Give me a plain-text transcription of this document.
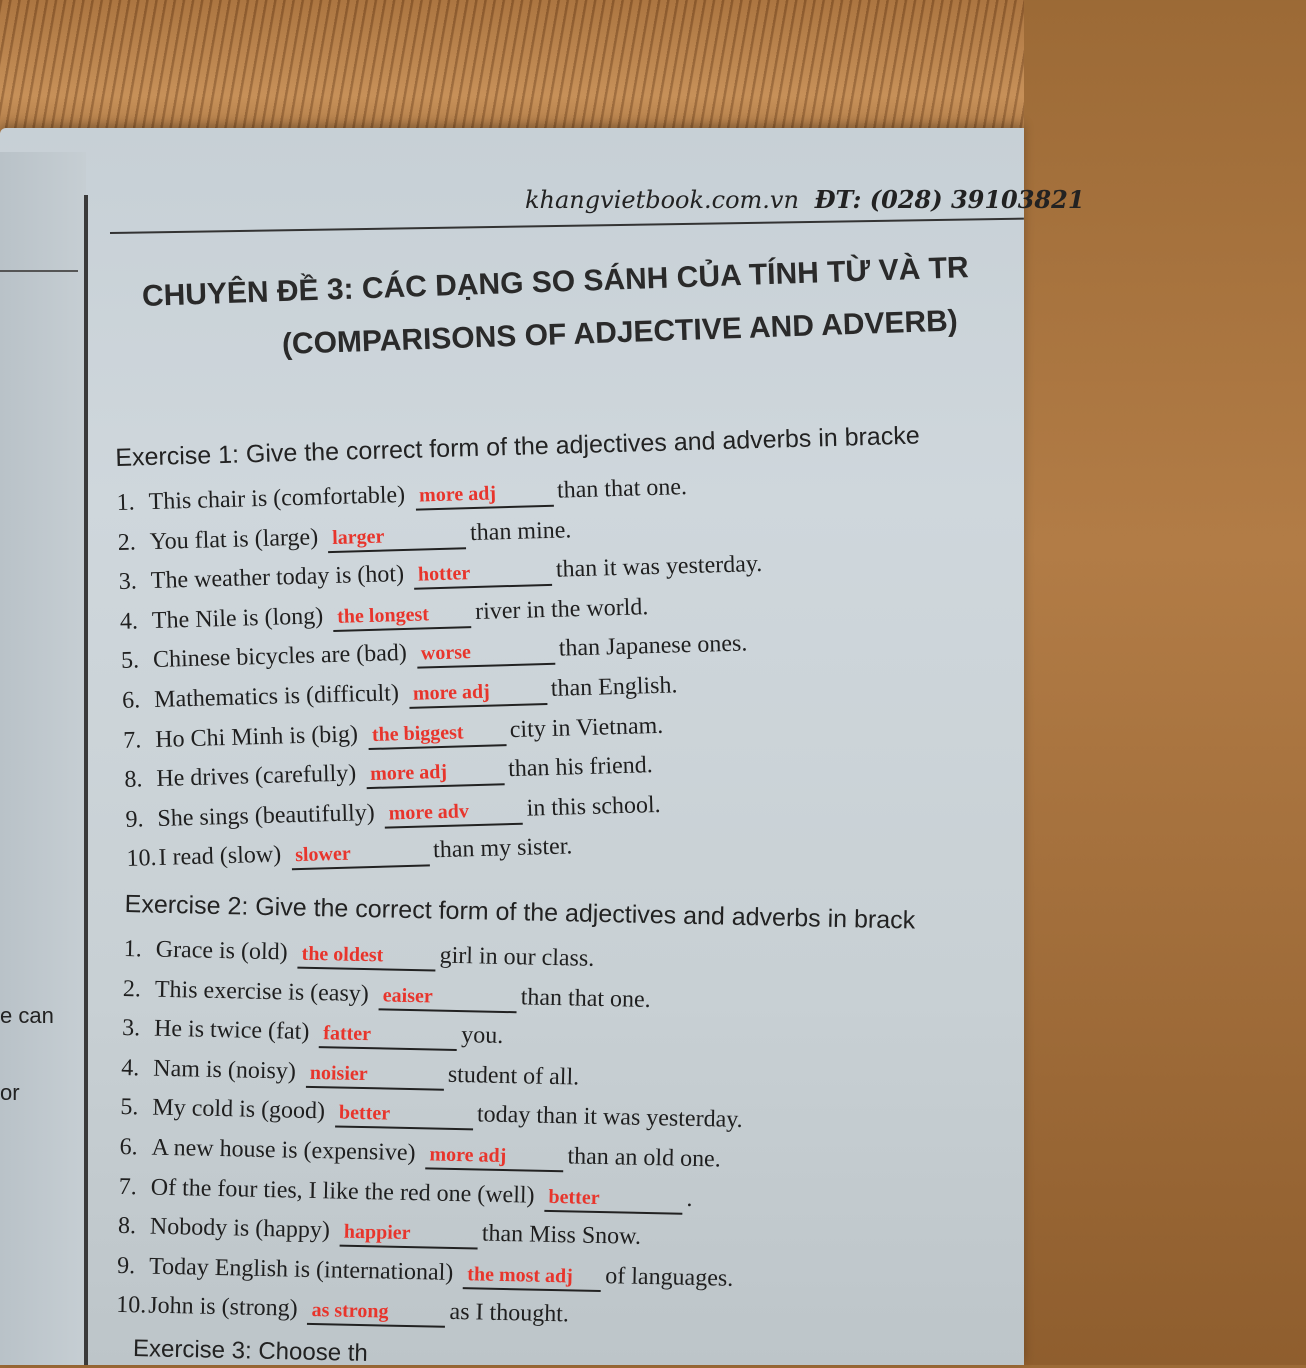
e can
or
khangvietbook.com.vn ĐT: (028) 39103821
CHUYÊN ĐỀ 3: CÁC DẠNG SO SÁNH CỦA TÍNH TỪ VÀ TR
(COMPARISONS OF ADJECTIVE AND ADVERB)
Exercise 1: Give the correct form of the adjectives and adverbs in bracke
1. This chair is (comfortable) more adj	than that one.
2. You flat is (large) larger	than mine.
3. The weather today is (hot) hotter	than it was yesterday.
4. The Nile is (long) the longest river in the world.
5. Chinese bicycles are (bad) worse	than Japanese ones.
6. Mathematics is (difficult) more adj	than English.
7. Ho Chi Minh is (big) the biggest city in Vietnam.
8. He drives (carefully) more adj	than his friend.
9. She sings (beautifully) more adv in this school.
10.I read (slow) slower	than my sister.
Exercise 2: Give the correct form of the adjectives and adverbs in brack
1. Grace is (old) the oldest girl in our class.
2. This exercise is (easy) eaiser	than that one.
3. He is twice (fat) fatter	you.
4. Nam is (noisy) noisier	student of all.
5. My cold is (good) better	today than it was yesterday.
6. A new house is (expensive) more adj	than an old one.
7. Of the four ties, I like the red one (well) better	.
8. Nobody is (happy) happier	than Miss Snow.
9. Today English is (international) the most adj of languages.
10.John is (strong) as strong	as I thought.
Exercise 3: Choose th
